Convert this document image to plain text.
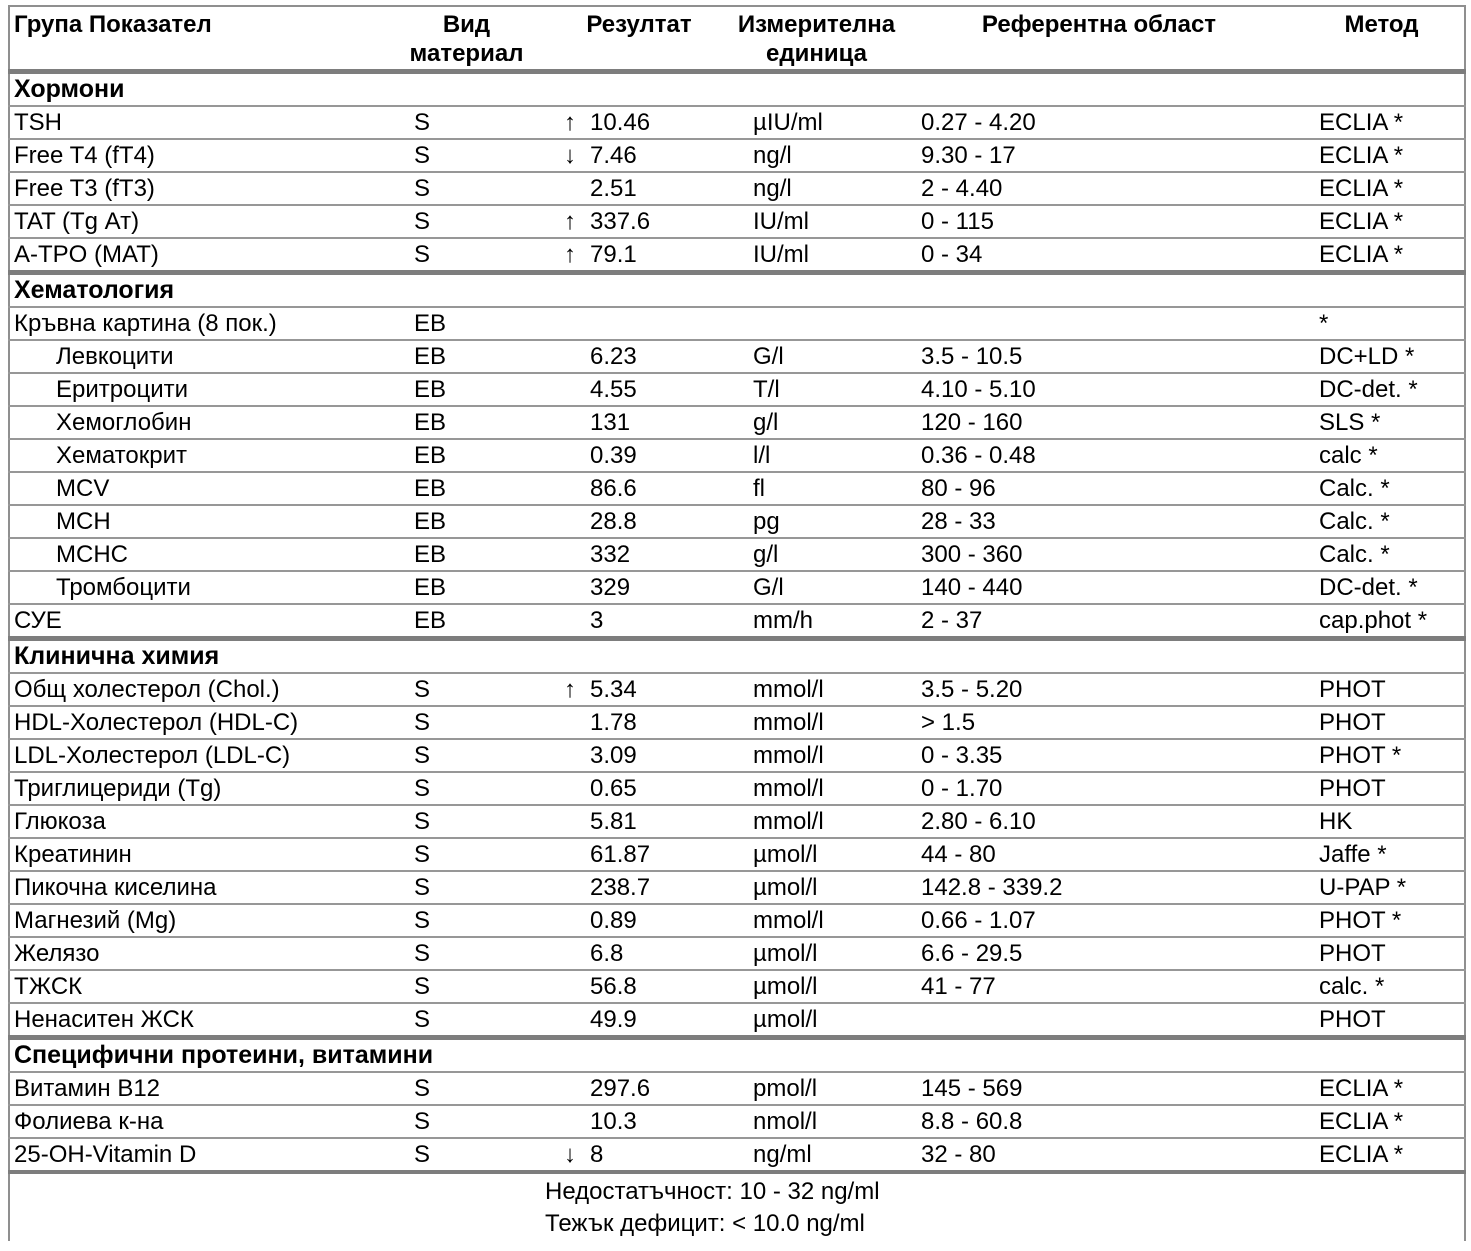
Група Показател	Вид материал	Резултат	Измерителна единица	Референтна област	Метод
Хормони					
TSH	S	↑ 10.46	µIU/ml	0.27 - 4.20	ECLIA *
Free T4 (fT4)	S	↓ 7.46	ng/l	9.30 - 17	ECLIA *
Free T3 (fT3)	S	2.51	ng/l	2 - 4.40	ECLIA *
TAT (Tg Ат)	S	↑ 337.6	IU/ml	0 - 115	ECLIA *
A-TPO (MAT)	S	↑ 79.1	IU/ml	0 - 34	ECLIA *
Хематология					
Кръвна картина (8 пок.)	EB				*
Левкоцити	EB	6.23	G/l	3.5 - 10.5	DC+LD *
Еритроцити	EB	4.55	T/l	4.10 - 5.10	DC-det. *
Хемоглобин	EB	131	g/l	120 - 160	SLS *
Хематокрит	EB	0.39	l/l	0.36 - 0.48	calc *
MCV	EB	86.6	fl	80 - 96	Calc. *
MCH	EB	28.8	pg	28 - 33	Calc. *
MCHC	EB	332	g/l	300 - 360	Calc. *
Тромбоцити	EB	329	G/l	140 - 440	DC-det. *
СУЕ	EB	3	mm/h	2 - 37	cap.phot *
Клинична химия					
Общ холестерол (Chol.)	S	↑ 5.34	mmol/l	3.5 - 5.20	PHOT
HDL-Холестерол (HDL-C)	S	1.78	mmol/l	> 1.5	PHOT
LDL-Холестерол (LDL-C)	S	3.09	mmol/l	0 - 3.35	PHOT *
Триглицериди (Tg)	S	0.65	mmol/l	0 - 1.70	PHOT
Глюкоза	S	5.81	mmol/l	2.80 - 6.10	HK
Креатинин	S	61.87	µmol/l	44 - 80	Jaffe *
Пикочна киселина	S	238.7	µmol/l	142.8 - 339.2	U-PAP *
Магнезий (Mg)	S	0.89	mmol/l	0.66 - 1.07	PHOT *
Желязо	S	6.8	µmol/l	6.6 - 29.5	PHOT
ТЖСК	S	56.8	µmol/l	41 - 77	calc. *
Ненаситен ЖСК	S	49.9	µmol/l		PHOT
Специфични протеини, витамини					
Витамин B12	S	297.6	pmol/l	145 - 569	ECLIA *
Фолиева к-на	S	10.3	nmol/l	8.8 - 60.8	ECLIA *
25-OH-Vitamin D	S	↓ 8	ng/ml	32 - 80	ECLIA *

		Недостатъчност: 10 - 32 ng/ml
Тежък дефицит: < 10.0 ng/ml			
